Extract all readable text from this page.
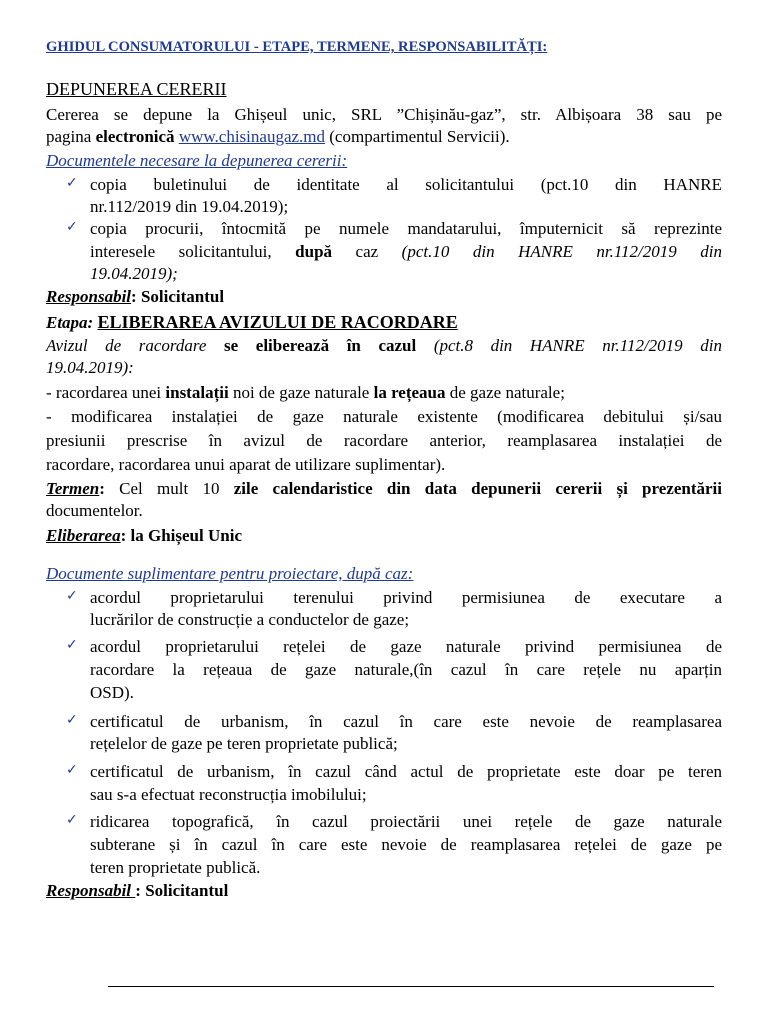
GHIDUL CONSUMATORULUI - ETAPE, TERMENE, RESPONSABILITĂȚI:
DEPUNEREA CERERII
Cererea se depune la Ghișeul unic, SRL ”Chișinău-gaz”, str. Albișoara 38 sau pe
pagina electronică www.chisinaugaz.md (compartimentul Servicii).
Documentele necesare la depunerea cererii:
✓ copia buletinului de identitate al solicitantului (pct.10 din HANRE
nr.112/2019 din 19.04.2019);
✓ copia procurii, întocmită pe numele mandatarului, împuternicit să reprezinte
interesele solicitantului, după caz (pct.10 din HANRE nr.112/2019 din
19.04.2019);
Responsabil: Solicitantul
Etapa: ELIBERAREA AVIZULUI DE RACORDARE
Avizul de racordare se eliberează în cazul (pct.8 din HANRE nr.112/2019 din
19.04.2019):
- racordarea unei instalații noi de gaze naturale la rețeaua de gaze naturale;
- modificarea instalației de gaze naturale existente (modificarea debitului și/sau
presiunii prescrise în avizul de racordare anterior, reamplasarea instalației de
racordare, racordarea unui aparat de utilizare suplimentar).
Termen: Cel mult 10 zile calendaristice din data depunerii cererii și prezentării
documentelor.
Eliberarea: la Ghișeul Unic
Documente suplimentare pentru proiectare, după caz:
✓ acordul proprietarului terenului privind permisiunea de executare a
lucrărilor de construcție a conductelor de gaze;
✓ acordul proprietarului rețelei de gaze naturale privind permisiunea de
racordare la rețeaua de gaze naturale,(în cazul în care rețele nu aparțin
OSD).
✓ certificatul de urbanism, în cazul în care este nevoie de reamplasarea
rețelelor de gaze pe teren proprietate publică;
✓ certificatul de urbanism, în cazul când actul de proprietate este doar pe teren
sau s-a efectuat reconstrucția imobilului;
✓ ridicarea topografică, în cazul proiectării unei rețele de gaze naturale
subterane și în cazul în care este nevoie de reamplasarea rețelei de gaze pe
teren proprietate publică.
Responsabil : Solicitantul
